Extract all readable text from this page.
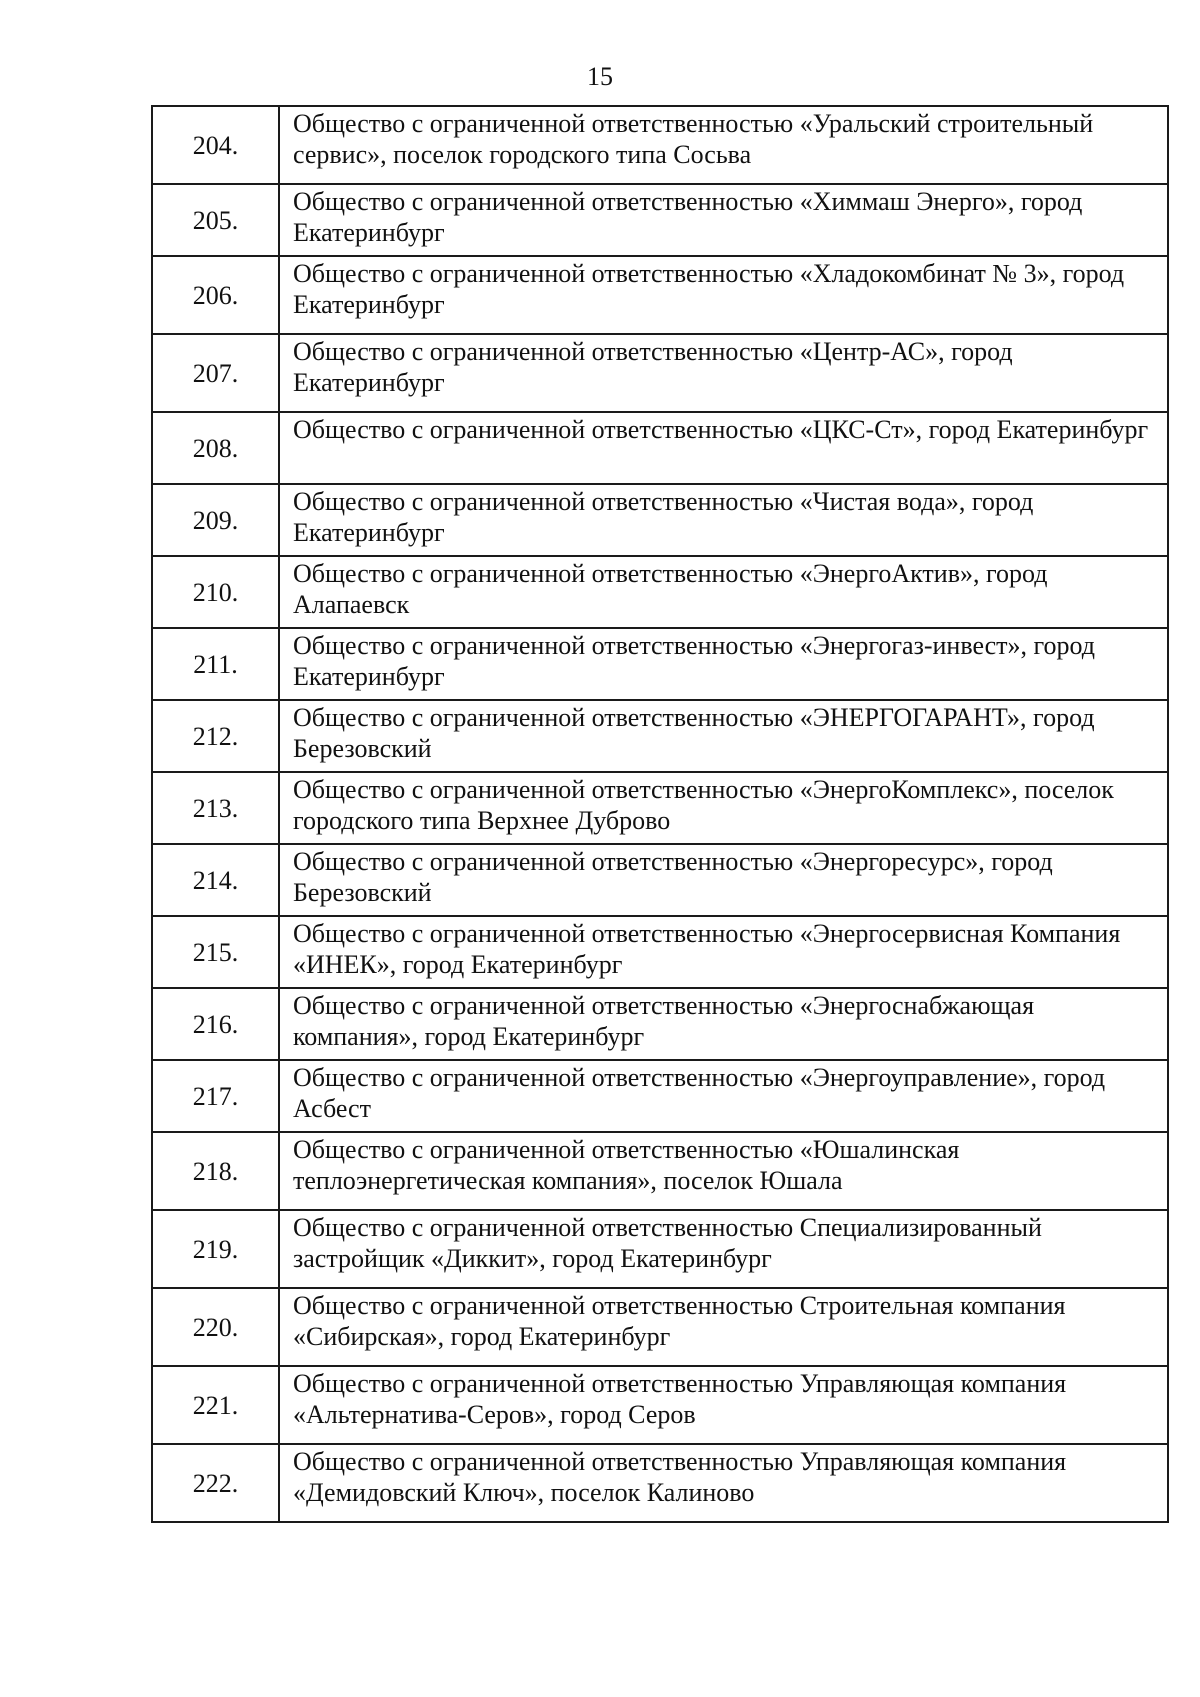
15
204.	Общество с ограниченной ответственностью «Уральский строительный сервис», поселок городского типа Сосьва
205.	Общество с ограниченной ответственностью «Химмаш Энерго», город Екатеринбург
206.	Общество с ограниченной ответственностью «Хладокомбинат № 3», город Екатеринбург
207.	Общество с ограниченной ответственностью «Центр-АС», город Екатеринбург
208.	Общество с ограниченной ответственностью «ЦКС-Ст», город Екатеринбург
209.	Общество с ограниченной ответственностью «Чистая вода», город Екатеринбург
210.	Общество с ограниченной ответственностью «ЭнергоАктив», город Алапаевск
211.	Общество с ограниченной ответственностью «Энергогаз-инвест», город Екатеринбург
212.	Общество с ограниченной ответственностью «ЭНЕРГОГАРАНТ», город Березовский
213.	Общество с ограниченной ответственностью «ЭнергоКомплекс», поселок городского типа Верхнее Дуброво
214.	Общество с ограниченной ответственностью «Энергоресурс», город Березовский
215.	Общество с ограниченной ответственностью «Энергосервисная Компания «ИНЕК», город Екатеринбург
216.	Общество с ограниченной ответственностью «Энергоснабжающая компания», город Екатеринбург
217.	Общество с ограниченной ответственностью «Энергоуправление», город Асбест
218.	Общество с ограниченной ответственностью «Юшалинская теплоэнергетическая компания», поселок Юшала
219.	Общество с ограниченной ответственностью Специализированный застройщик «Диккит», город Екатеринбург
220.	Общество с ограниченной ответственностью Строительная компания «Сибирская», город Екатеринбург
221.	Общество с ограниченной ответственностью Управляющая компания «Альтернатива-Серов», город Серов
222.	Общество с ограниченной ответственностью Управляющая компания «Демидовский Ключ», поселок Калиново
